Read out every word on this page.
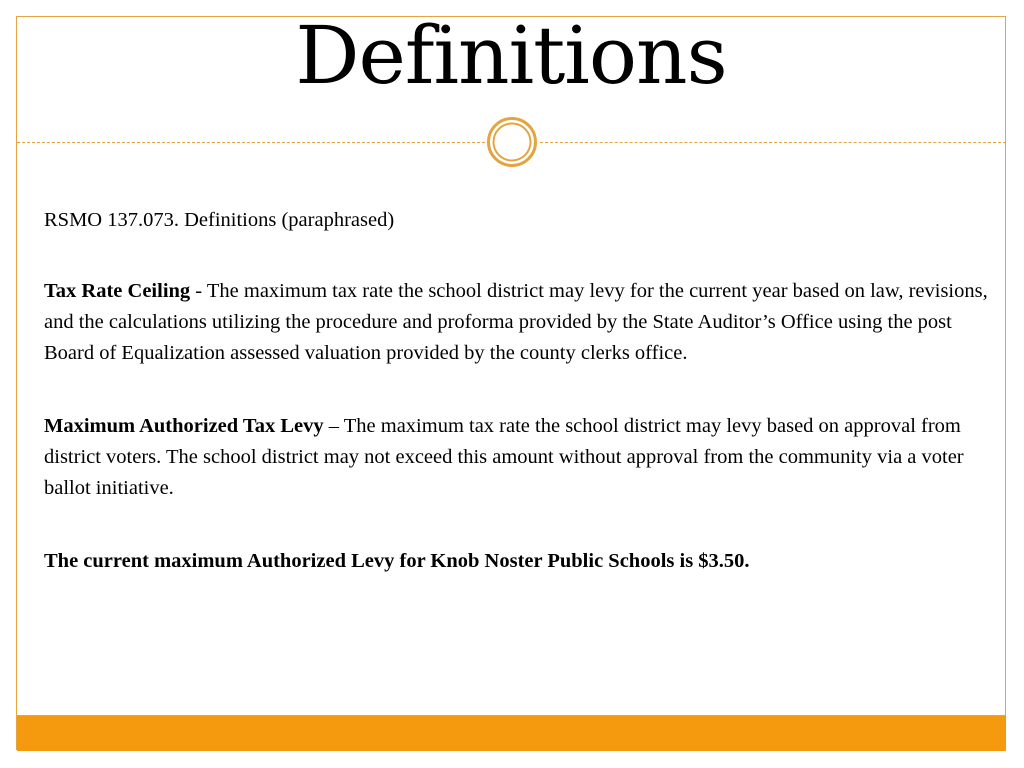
Definitions

RSMO 137.073. Definitions (paraphrased)

Tax Rate Ceiling - The maximum tax rate the school district may levy for the current year based on law, revisions, and the calculations utilizing the procedure and proforma provided by the State Auditor’s Office using the post Board of Equalization assessed valuation provided by the county clerks office.

Maximum Authorized Tax Levy – The maximum tax rate the school district may levy based on approval from district voters. The school district may not exceed this amount without approval from the community via a voter ballot initiative.

The current maximum Authorized Levy for Knob Noster Public Schools is $3.50.
